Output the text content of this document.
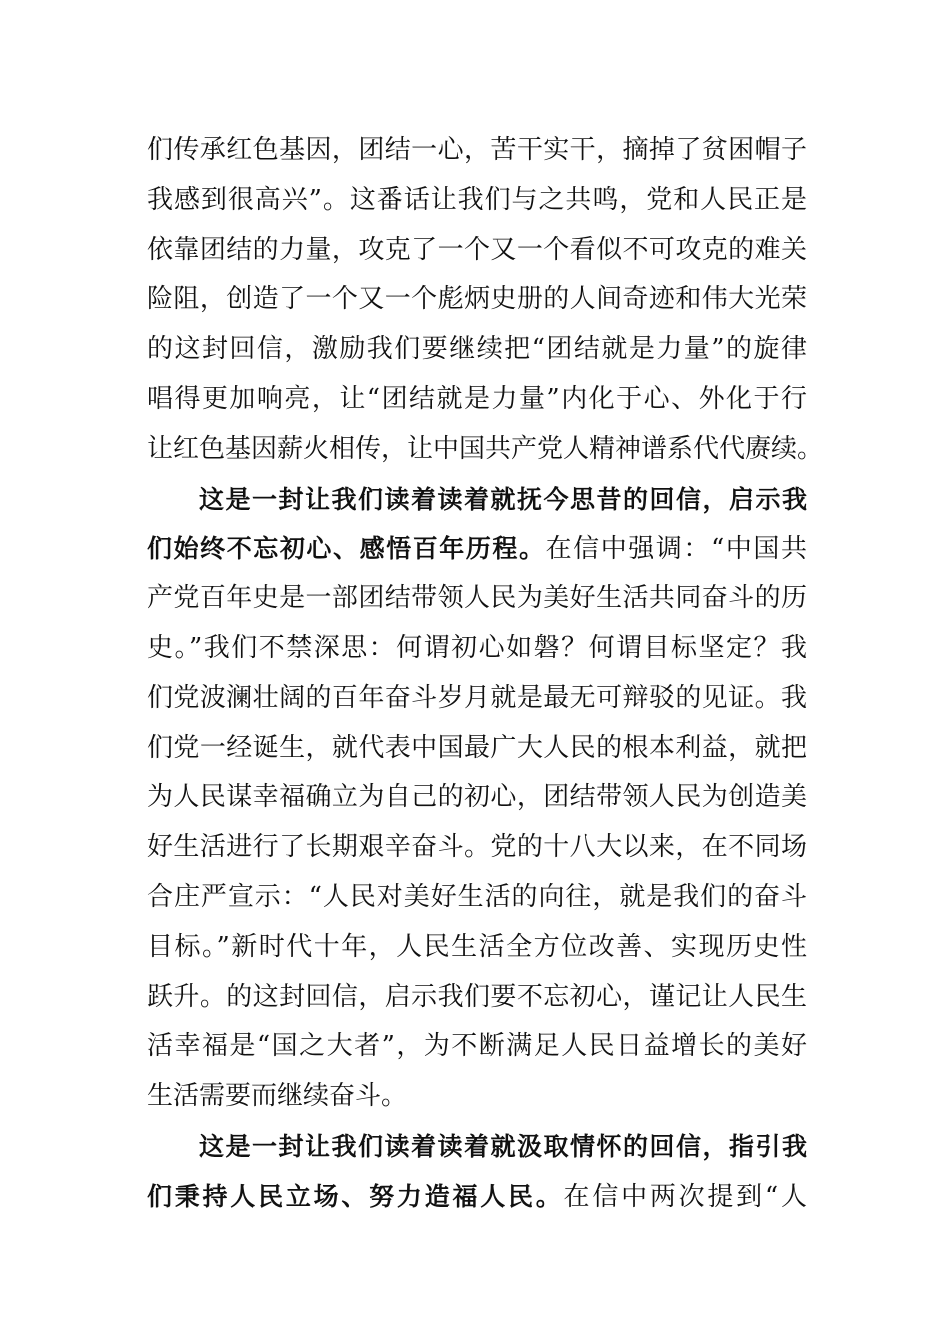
们传承红色基因，团结一心，苦干实干，摘掉了贫困帽子
我感到很高兴”。这番话让我们与之共鸣，党和人民正是
依靠团结的力量，攻克了一个又一个看似不可攻克的难关
险阻，创造了一个又一个彪炳史册的人间奇迹和伟大光荣
的这封回信，激励我们要继续把“团结就是力量”的旋律
唱得更加响亮，让“团结就是力量”内化于心、外化于行
让红色基因薪火相传，让中国共产党人精神谱系代代赓续。
这是一封让我们读着读着就抚今思昔的回信，启示我
们始终不忘初心、感悟百年历程。在信中强调：“中国共
产党百年史是一部团结带领人民为美好生活共同奋斗的历
史。”我们不禁深思：何谓初心如磐？何谓目标坚定？我
们党波澜壮阔的百年奋斗岁月就是最无可辩驳的见证。我
们党一经诞生，就代表中国最广大人民的根本利益，就把
为人民谋幸福确立为自己的初心，团结带领人民为创造美
好生活进行了长期艰辛奋斗。党的十八大以来，在不同场
合庄严宣示：“人民对美好生活的向往，就是我们的奋斗
目标。”新时代十年，人民生活全方位改善、实现历史性
跃升。的这封回信，启示我们要不忘初心，谨记让人民生
活幸福是“国之大者”，为不断满足人民日益增长的美好
生活需要而继续奋斗。
这是一封让我们读着读着就汲取情怀的回信，指引我
们秉持人民立场、努力造福人民。在信中两次提到“人
